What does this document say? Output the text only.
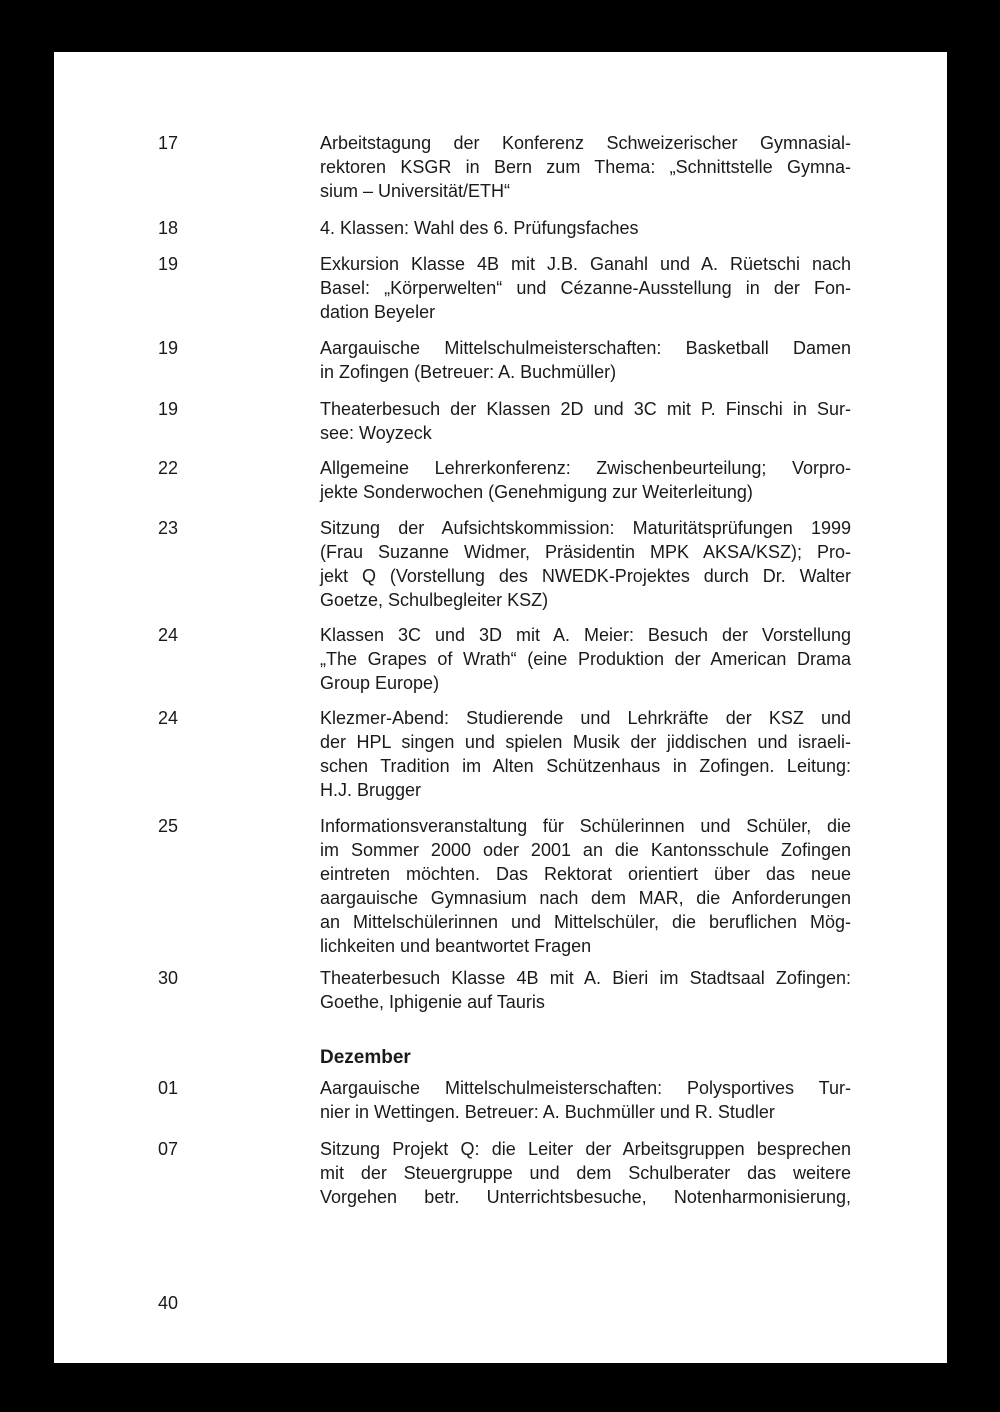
17	Arbeitstagung der Konferenz Schweizerischer Gymnasial-
rektoren KSGR in Bern zum Thema: „Schnittstelle Gymna-
sium – Universität/ETH“
18	4. Klassen: Wahl des 6. Prüfungsfaches
19	Exkursion Klasse 4B mit J.B. Ganahl und A. Rüetschi nach
Basel: „Körperwelten“ und Cézanne-Ausstellung in der Fon-
dation Beyeler
19	Aargauische Mittelschulmeisterschaften: Basketball Damen
in Zofingen (Betreuer: A. Buchmüller)
19	Theaterbesuch der Klassen 2D und 3C mit P. Finschi in Sur-
see: Woyzeck
22	Allgemeine Lehrerkonferenz: Zwischenbeurteilung; Vorpro-
jekte Sonderwochen (Genehmigung zur Weiterleitung)
23	Sitzung der Aufsichtskommission: Maturitätsprüfungen 1999
(Frau Suzanne Widmer, Präsidentin MPK AKSA/KSZ); Pro-
jekt Q (Vorstellung des NWEDK-Projektes durch Dr. Walter
Goetze, Schulbegleiter KSZ)
24	Klassen 3C und 3D mit A. Meier: Besuch der Vorstellung
„The Grapes of Wrath“ (eine Produktion der American Drama
Group Europe)
24	Klezmer-Abend: Studierende und Lehrkräfte der KSZ und
der HPL singen und spielen Musik der jiddischen und israeli-
schen Tradition im Alten Schützenhaus in Zofingen. Leitung:
H.J. Brugger
25	Informationsveranstaltung für Schülerinnen und Schüler, die
im Sommer 2000 oder 2001 an die Kantonsschule Zofingen
eintreten möchten. Das Rektorat orientiert über das neue
aargauische Gymnasium nach dem MAR, die Anforderungen
an Mittelschülerinnen und Mittelschüler, die beruflichen Mög-
lichkeiten und beantwortet Fragen
30	Theaterbesuch Klasse 4B mit A. Bieri im Stadtsaal Zofingen:
Goethe, Iphigenie auf Tauris
Dezember
01	Aargauische Mittelschulmeisterschaften: Polysportives Tur-
nier in Wettingen. Betreuer: A. Buchmüller und R. Studler
07	Sitzung Projekt Q: die Leiter der Arbeitsgruppen besprechen
mit der Steuergruppe und dem Schulberater das weitere
Vorgehen betr. Unterrichtsbesuche, Notenharmonisierung,
40
